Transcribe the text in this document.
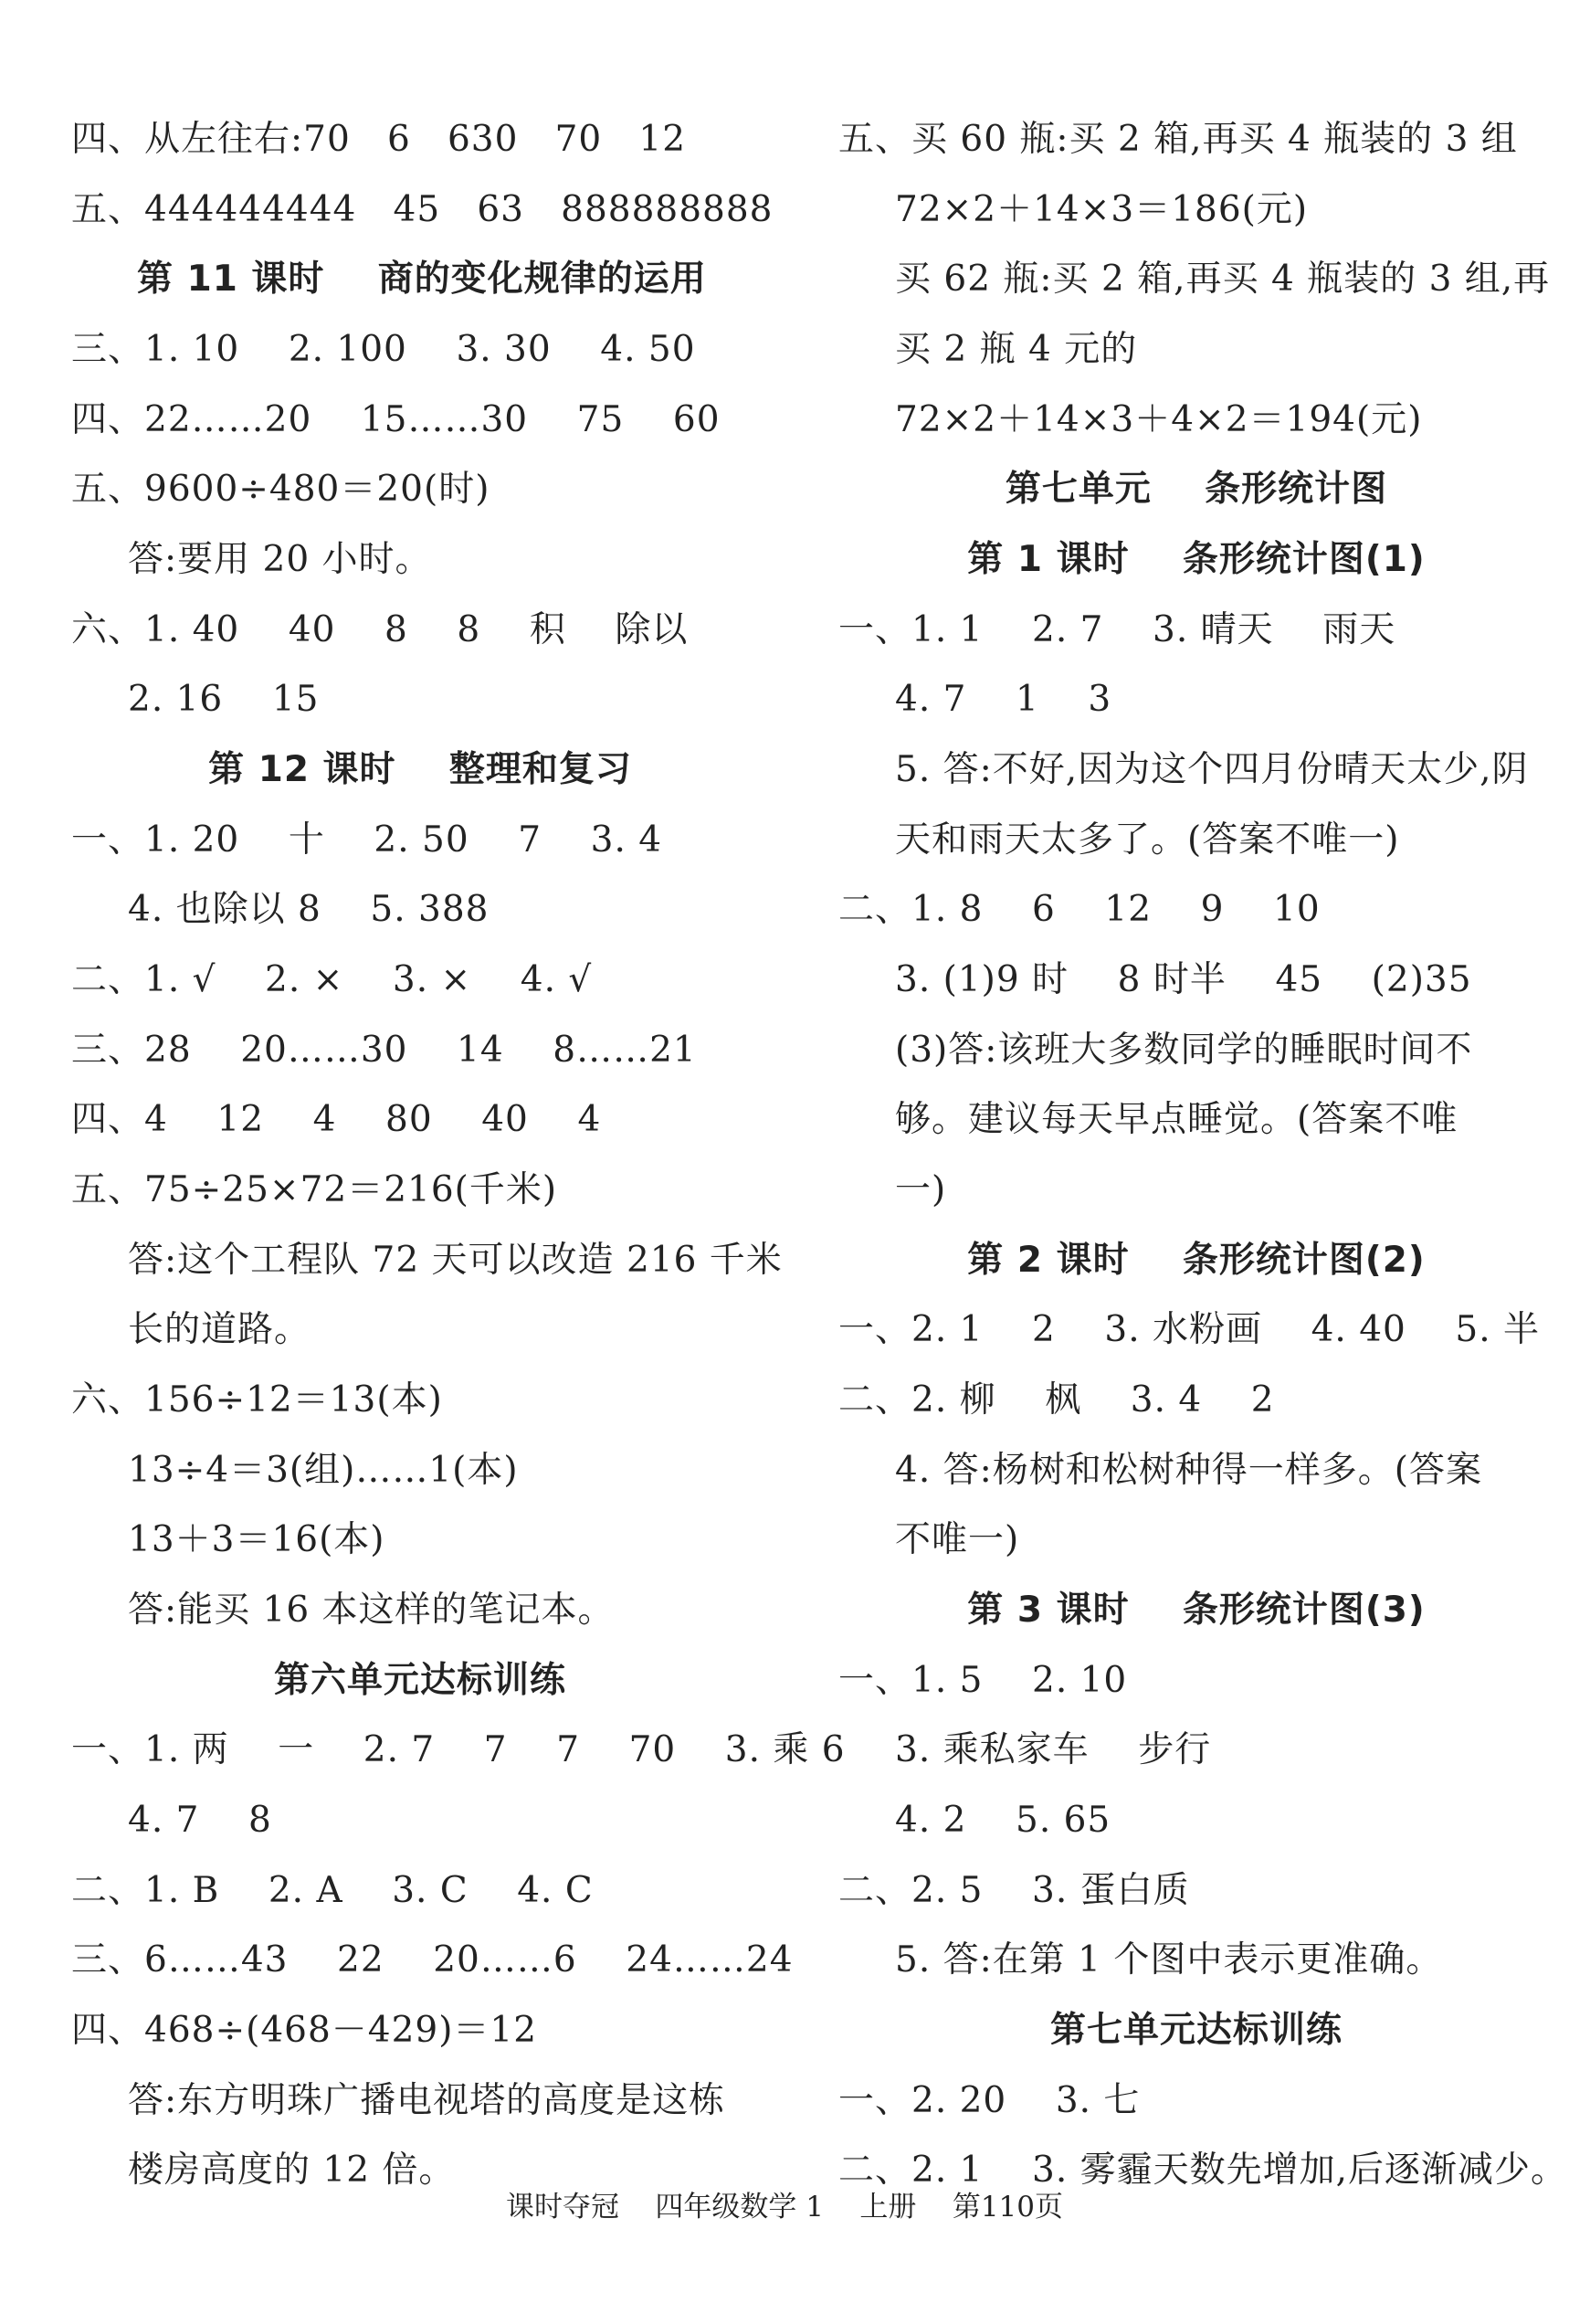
四、从左往右:70   6   630   70   12
五、444444444   45   63   888888888
第 11 课时    商的变化规律的运用
三、1. 10    2. 100    3. 30    4. 50
四、22……20    15……30    75    60
五、9600÷480＝20(时)
答:要用 20 小时。
六、1. 40    40    8    8    积    除以
2. 16    15
第 12 课时    整理和复习
一、1. 20    十    2. 50    7    3. 4
4. 也除以 8    5. 388
二、1. √    2. ×    3. ×    4. √
三、28    20……30    14    8……21
四、4    12    4    80    40    4
五、75÷25×72＝216(千米)
答:这个工程队 72 天可以改造 216 千米
长的道路。
六、156÷12＝13(本)
13÷4＝3(组)……1(本)
13＋3＝16(本)
答:能买 16 本这样的笔记本。
第六单元达标训练
一、1. 两    一    2. 7    7    7    70    3. 乘 6
4. 7    8
二、1. B    2. A    3. C    4. C
三、6……43    22    20……6    24……24
四、468÷(468－429)＝12
答:东方明珠广播电视塔的高度是这栋
楼房高度的 12 倍。
五、买 60 瓶:买 2 箱,再买 4 瓶装的 3 组
72×2＋14×3＝186(元)
买 62 瓶:买 2 箱,再买 4 瓶装的 3 组,再
买 2 瓶 4 元的
72×2＋14×3＋4×2＝194(元)
第七单元    条形统计图
第 1 课时    条形统计图(1)
一、1. 1    2. 7    3. 晴天    雨天
4. 7    1    3
5. 答:不好,因为这个四月份晴天太少,阴
天和雨天太多了。(答案不唯一)
二、1. 8    6    12    9    10
3. (1)9 时    8 时半    45    (2)35
(3)答:该班大多数同学的睡眠时间不
够。建议每天早点睡觉。(答案不唯
一)
第 2 课时    条形统计图(2)
一、2. 1    2    3. 水粉画    4. 40    5. 半
二、2. 柳    枫    3. 4    2
4. 答:杨树和松树种得一样多。(答案
不唯一)
第 3 课时    条形统计图(3)
一、1. 5    2. 10
3. 乘私家车    步行
4. 2    5. 65
二、2. 5    3. 蛋白质
5. 答:在第 1 个图中表示更准确。
第七单元达标训练
一、2. 20    3. 七
二、2. 1    3. 雾霾天数先增加,后逐渐减少。
课时夺冠    四年级数学 1    上册    第110页
